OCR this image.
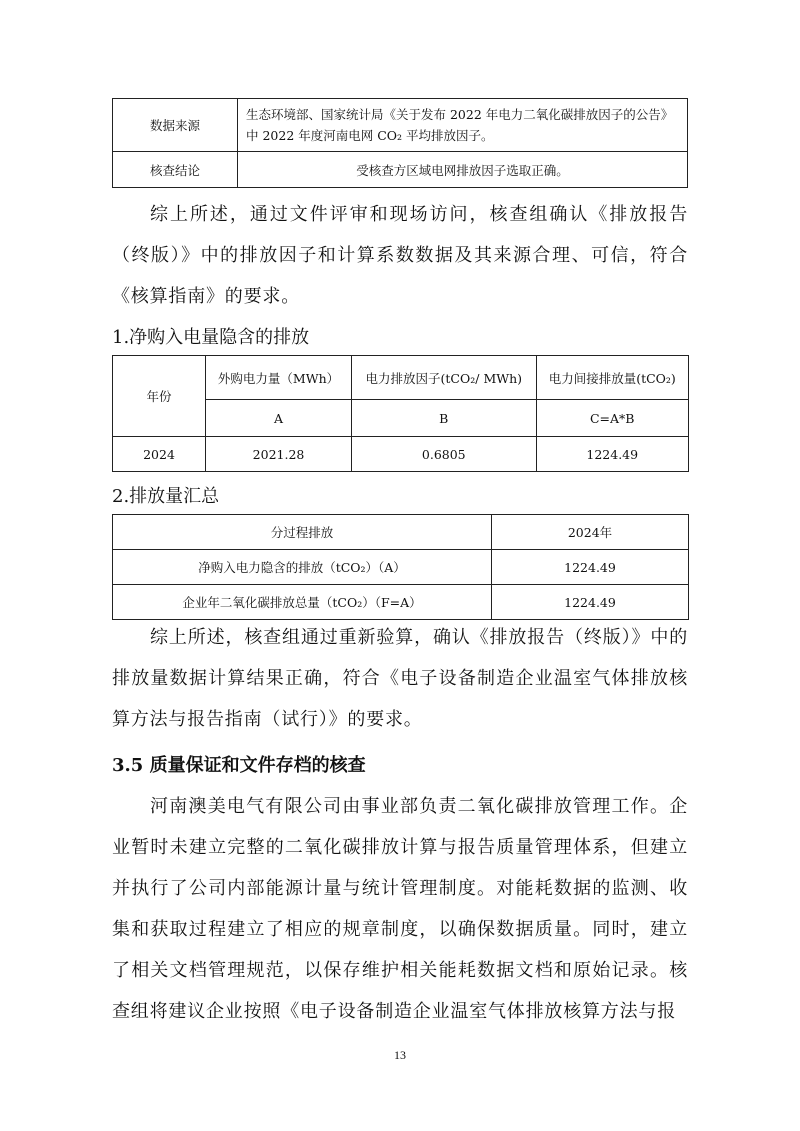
数据来源	生态环境部、国家统计局《关于发布 2022 年电力二氧化碳排放因子的公告》中 2022 年度河南电网 CO₂ 平均排放因子。
核查结论	受核查方区域电网排放因子选取正确。

综上所述，通过文件评审和现场访问，核查组确认《排放报告（终版）》中的排放因子和计算系数数据及其来源合理、可信，符合《核算指南》的要求。

1.净购入电量隐含的排放
年份	外购电力量（MWh）	电力排放因子(tCO₂/ MWh)	电力间接排放量(tCO₂)
	A	B	C=A*B
2024	2021.28	0.6805	1224.49
2.排放量汇总
分过程排放	2024年
净购入电力隐含的排放（tCO₂）（A）	1224.49
企业年二氧化碳排放总量（tCO₂）（F=A）	1224.49

综上所述，核查组通过重新验算，确认《排放报告（终版）》中的排放量数据计算结果正确，符合《电子设备制造企业温室气体排放核算方法与报告指南（试行）》的要求。

3.5 质量保证和文件存档的核查

河南澳美电气有限公司由事业部负责二氧化碳排放管理工作。企业暂时未建立完整的二氧化碳排放计算与报告质量管理体系，但建立并执行了公司内部能源计量与统计管理制度。对能耗数据的监测、收集和获取过程建立了相应的规章制度，以确保数据质量。同时，建立了相关文档管理规范，以保存维护相关能耗数据文档和原始记录。核查组将建议企业按照《电子设备制造企业温室气体排放核算方法与报

13
